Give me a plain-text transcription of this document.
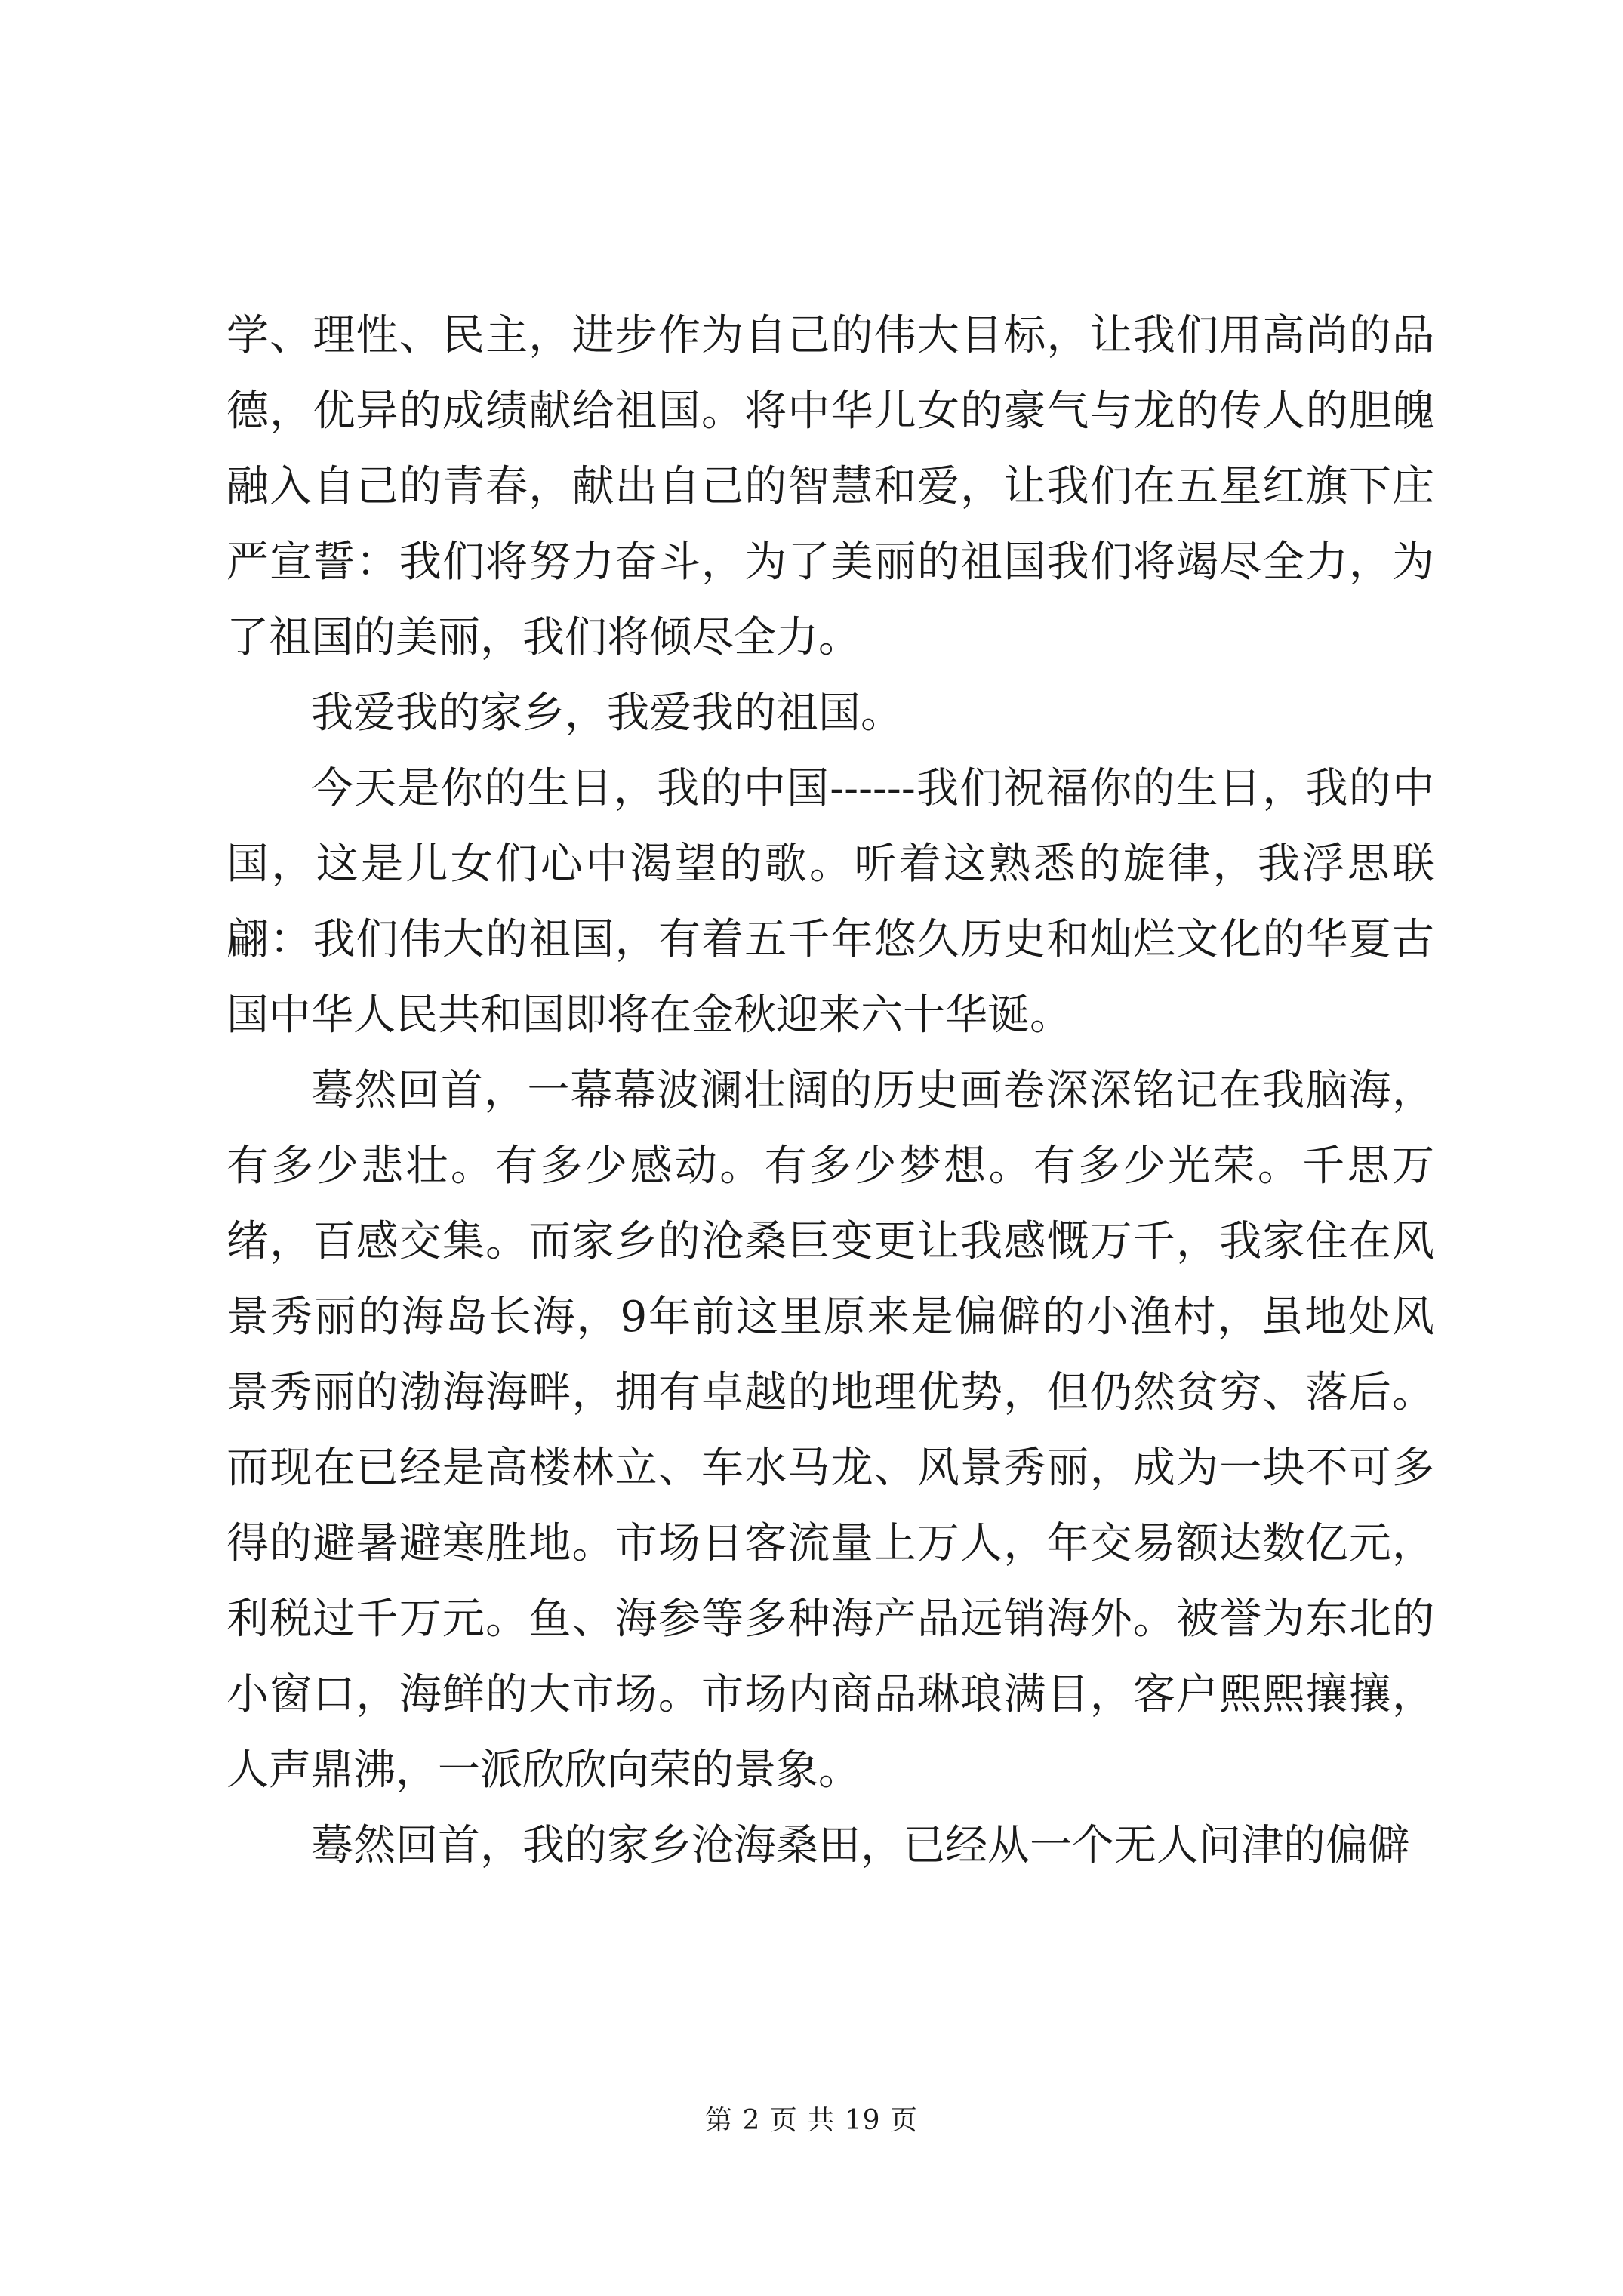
学、理性、民主，进步作为自己的伟大目标，让我们用高尚的品德，优异的成绩献给祖国。将中华儿女的豪气与龙的传人的胆魄融入自己的青春，献出自己的智慧和爱，让我们在五星红旗下庄严宣誓：我们将努力奋斗，为了美丽的祖国我们将竭尽全力，为了祖国的美丽，我们将倾尽全力。

我爱我的家乡，我爱我的祖国。

今天是你的生日，我的中国------我们祝福你的生日，我的中国，这是儿女们心中渴望的歌。听着这熟悉的旋律，我浮思联翩：我们伟大的祖国，有着五千年悠久历史和灿烂文化的华夏古国中华人民共和国即将在金秋迎来六十华诞。

蓦然回首，一幕幕波澜壮阔的历史画卷深深铭记在我脑海，有多少悲壮。有多少感动。有多少梦想。有多少光荣。千思万绪，百感交集。而家乡的沧桑巨变更让我感慨万千，我家住在风景秀丽的海岛长海，9年前这里原来是偏僻的小渔村，虽地处风景秀丽的渤海海畔，拥有卓越的地理优势，但仍然贫穷、落后。而现在已经是高楼林立、车水马龙、风景秀丽，成为一块不可多得的避暑避寒胜地。市场日客流量上万人，年交易额达数亿元，利税过千万元。鱼、海参等多种海产品远销海外。被誉为东北的小窗口，海鲜的大市场。市场内商品琳琅满目，客户熙熙攘攘，人声鼎沸，一派欣欣向荣的景象。

蓦然回首，我的家乡沧海桑田，已经从一个无人问津的偏僻

第 2 页 共 19 页
